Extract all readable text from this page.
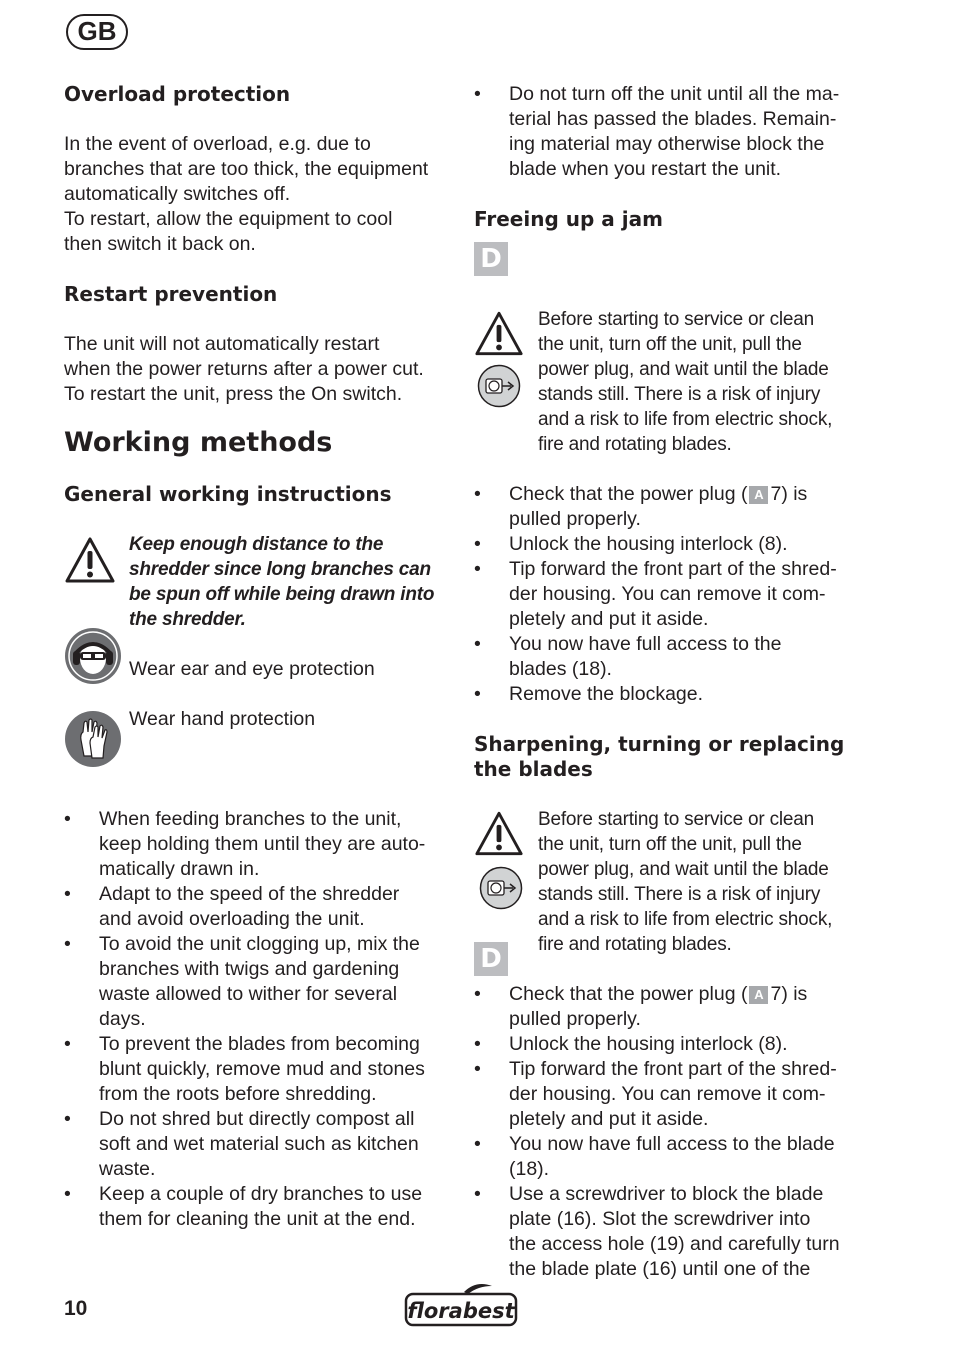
GB
Overload protection

In the event of overload, e.g. due to
branches that are too thick, the equipment
automatically switches off.
To restart, allow the equipment to cool
then switch it back on.

Restart prevention

The unit will not automatically restart
when the power returns after a power cut.
To restart the unit, press the On switch.

Working methods
General working instructions
Keep enough distance to the
shredder since long branches can
be spun off while being drawn into
the shredder.
Wear ear and eye protection
Wear hand protection
• When feeding branches to the unit,
keep holding them until they are auto-
matically drawn in.
• Adapt to the speed of the shredder
and avoid overloading the unit.
• To avoid the unit clogging up, mix the
branches with twigs and gardening
waste allowed to wither for several
days.
• To prevent the blades from becoming
blunt quickly, remove mud and stones
from the roots before shredding.
• Do not shred but directly compost all
soft and wet material such as kitchen
waste.
• Keep a couple of dry branches to use
them for cleaning the unit at the end.
• Do not turn off the unit until all the ma-
terial has passed the blades. Remain-
ing material may otherwise block the
blade when you restart the unit.
Freeing up a jam
D
Before starting to service or clean
the unit, turn off the unit, pull the
power plug, and wait until the blade
stands still. There is a risk of injury
and a risk to life from electric shock,
fire and rotating blades.
• Check that the power plug ( A 7) is
pulled properly.
• Unlock the housing interlock (8).
• Tip forward the front part of the shred-
der housing. You can remove it com-
pletely and put it aside.
• You now have full access to the
blades (18).
• Remove the blockage.
Sharpening, turning or replacing
the blades
D
Before starting to service or clean
the unit, turn off the unit, pull the
power plug, and wait until the blade
stands still. There is a risk of injury
and a risk to life from electric shock,
fire and rotating blades.
• Check that the power plug ( A 7) is
pulled properly.
• Unlock the housing interlock (8).
• Tip forward the front part of the shred-
der housing. You can remove it com-
pletely and put it aside.
• You now have full access to the blade
(18).
• Use a screwdriver to block the blade
plate (16). Slot the screwdriver into
the access hole (19) and carefully turn
the blade plate (16) until one of the
10	florabest
